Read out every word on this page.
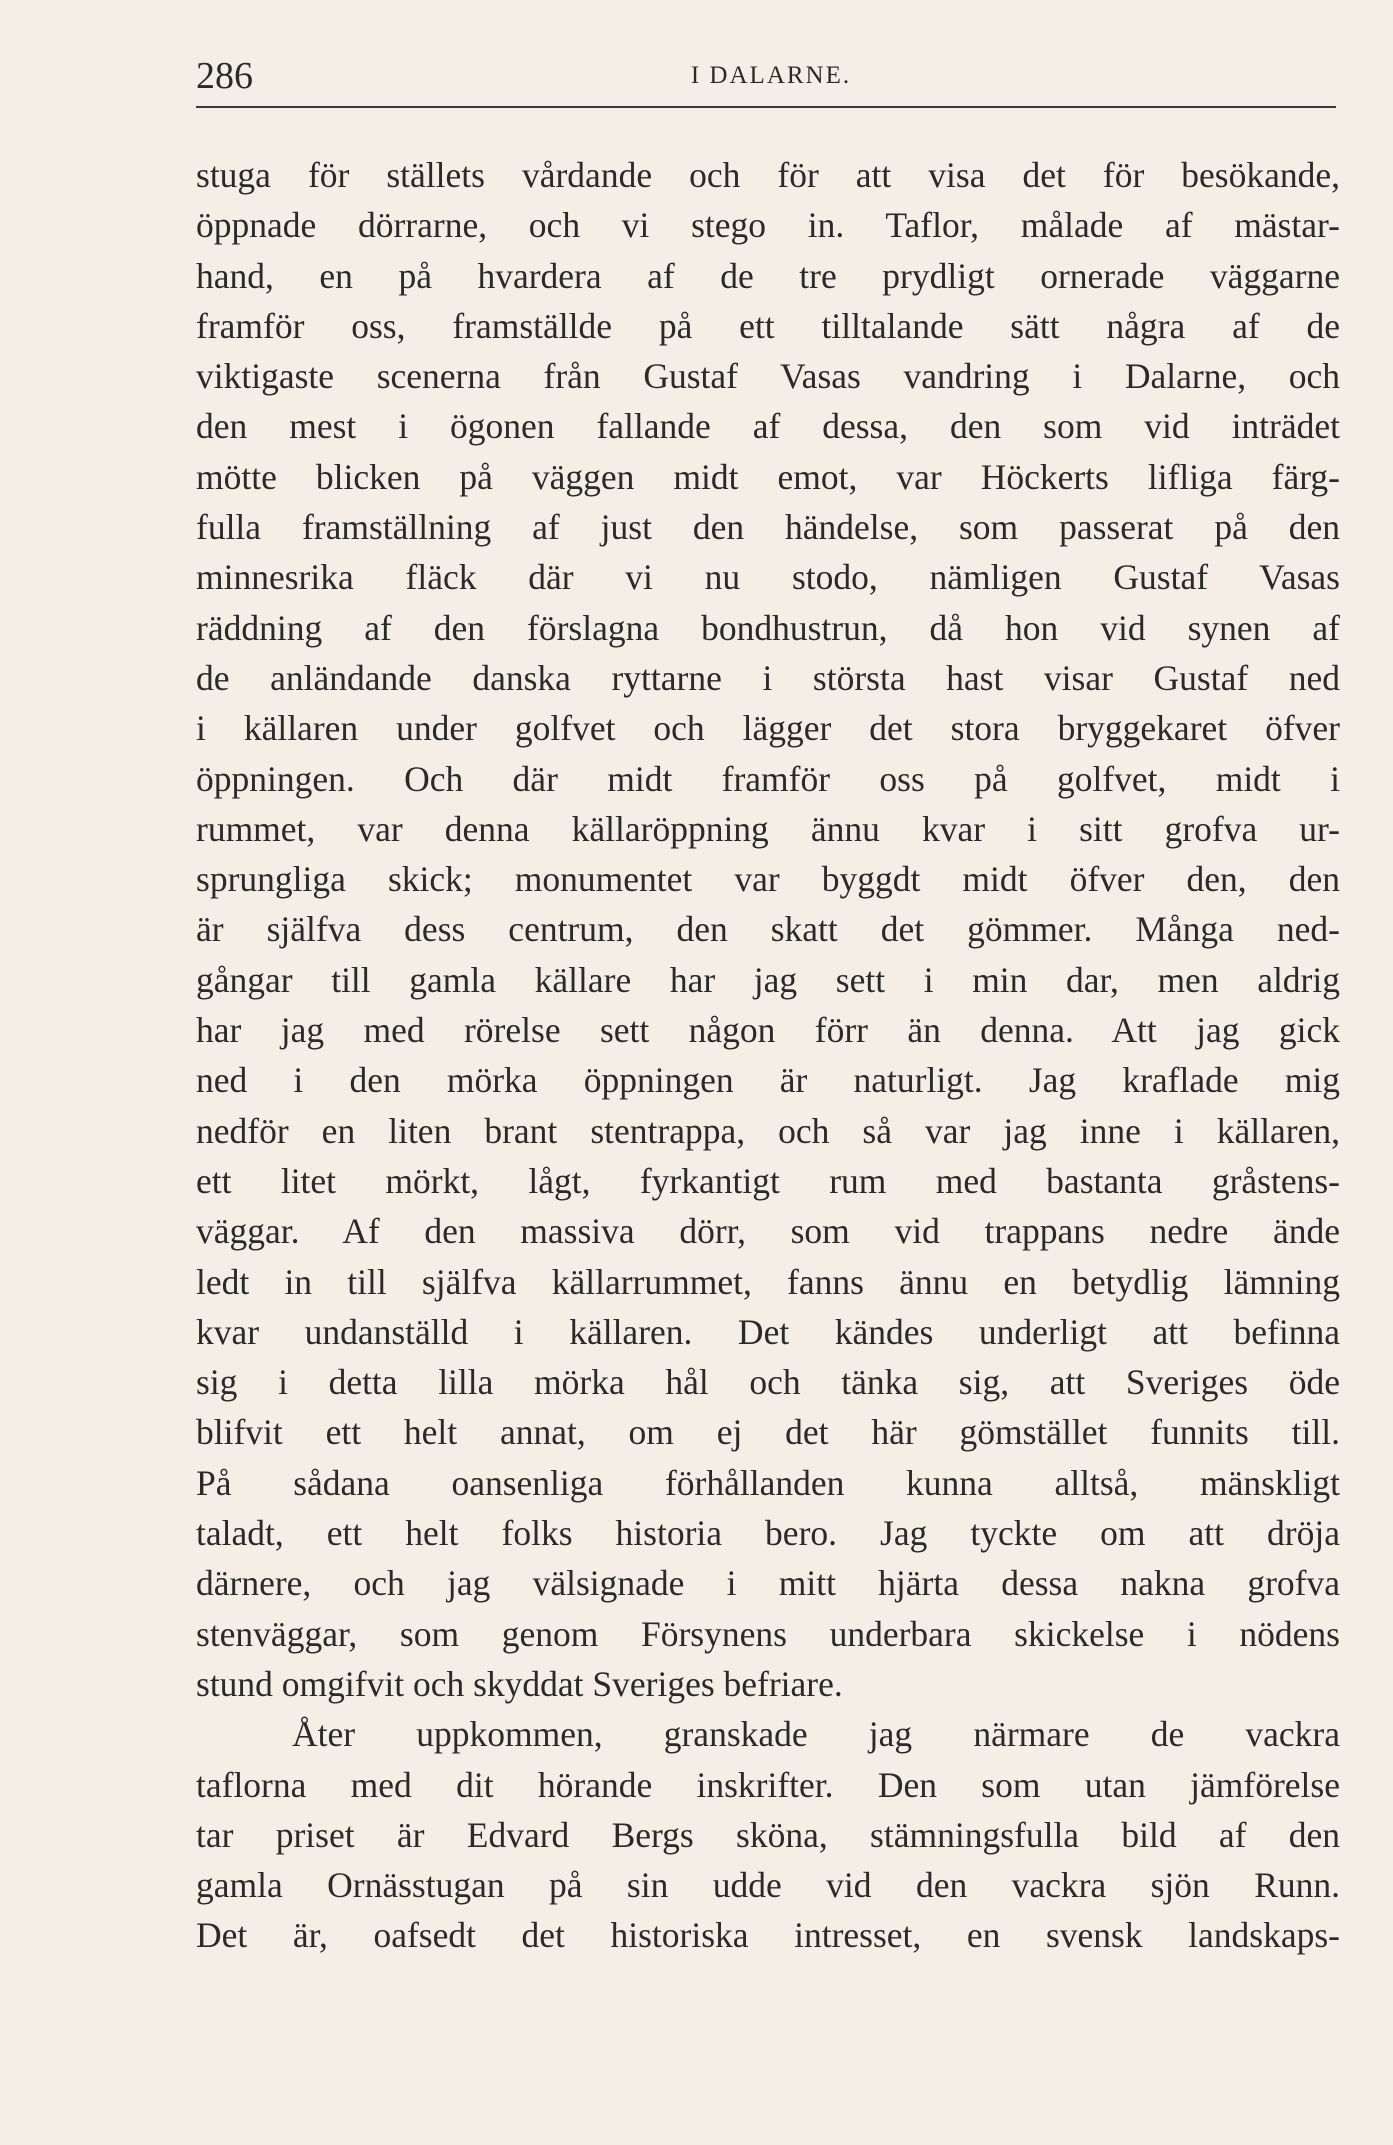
286	I DALARNE.
stuga för ställets vårdande och för att visa det för besökande,
öppnade dörrarne, och vi stego in. Taflor, målade af mästar-
hand, en på hvardera af de tre prydligt ornerade väggarne
framför oss, framställde på ett tilltalande sätt några af de
viktigaste scenerna från Gustaf Vasas vandring i Dalarne, och
den mest i ögonen fallande af dessa, den som vid inträdet
mötte blicken på väggen midt emot, var Höckerts lifliga färg-
fulla framställning af just den händelse, som passerat på den
minnesrika fläck där vi nu stodo, nämligen Gustaf Vasas
räddning af den förslagna bondhustrun, då hon vid synen af
de anländande danska ryttarne i största hast visar Gustaf ned
i källaren under golfvet och lägger det stora bryggekaret öfver
öppningen. Och där midt framför oss på golfvet, midt i
rummet, var denna källaröppning ännu kvar i sitt grofva ur-
sprungliga skick; monumentet var byggdt midt öfver den, den
är själfva dess centrum, den skatt det gömmer. Många ned-
gångar till gamla källare har jag sett i min dar, men aldrig
har jag med rörelse sett någon förr än denna. Att jag gick
ned i den mörka öppningen är naturligt. Jag kraflade mig
nedför en liten brant stentrappa, och så var jag inne i källaren,
ett litet mörkt, lågt, fyrkantigt rum med bastanta gråstens-
väggar. Af den massiva dörr, som vid trappans nedre ände
ledt in till själfva källarrummet, fanns ännu en betydlig lämning
kvar undanställd i källaren. Det kändes underligt att befinna
sig i detta lilla mörka hål och tänka sig, att Sveriges öde
blifvit ett helt annat, om ej det här gömstället funnits till.
På sådana oansenliga förhållanden kunna alltså, mänskligt
taladt, ett helt folks historia bero. Jag tyckte om att dröja
därnere, och jag välsignade i mitt hjärta dessa nakna grofva
stenväggar, som genom Försynens underbara skickelse i nödens
stund omgifvit och skyddat Sveriges befriare.
Åter uppkommen, granskade jag närmare de vackra
taflorna med dit hörande inskrifter. Den som utan jämförelse
tar priset är Edvard Bergs sköna, stämningsfulla bild af den
gamla Ornässtugan på sin udde vid den vackra sjön Runn.
Det är, oafsedt det historiska intresset, en svensk landskaps-
